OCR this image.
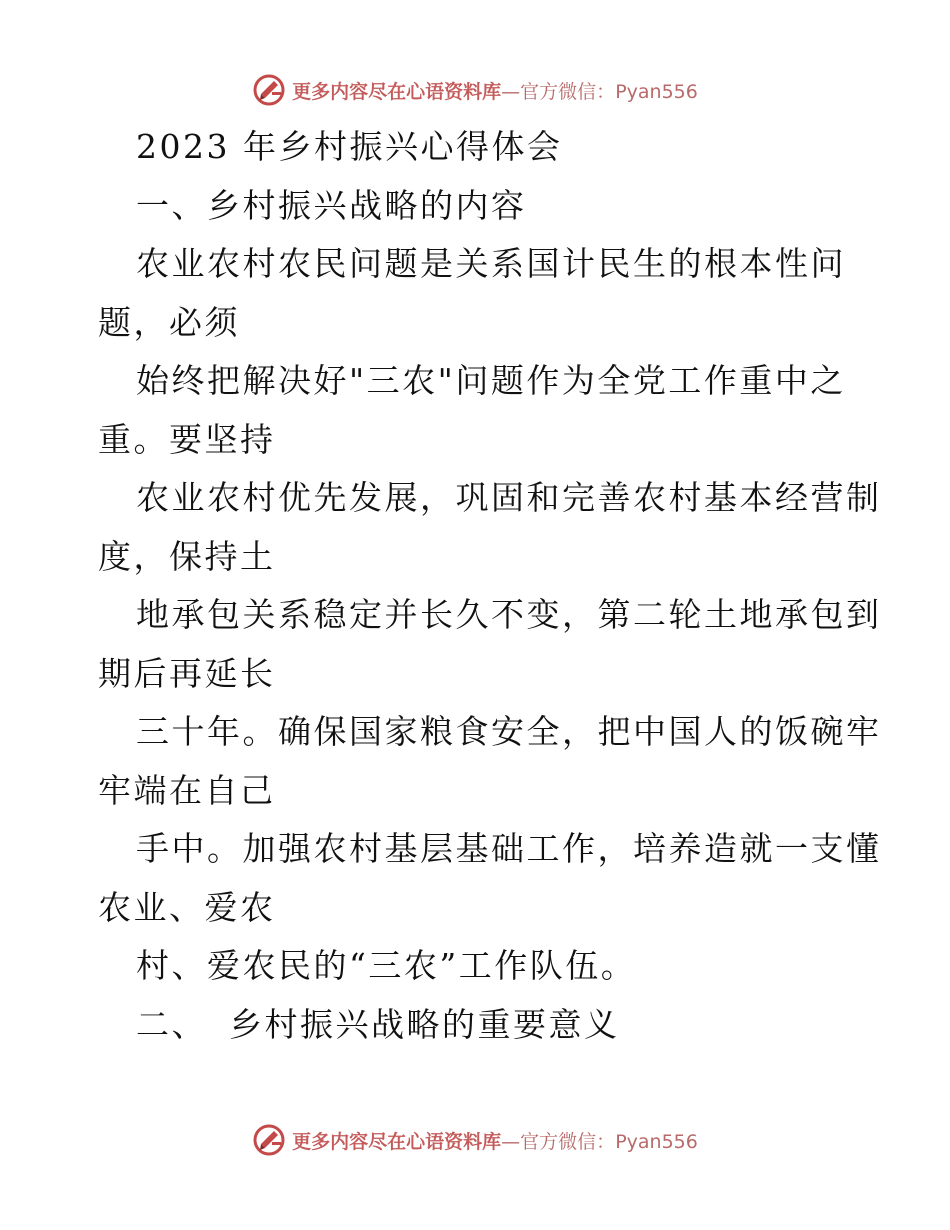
更多内容尽在心语资料库—官方微信：Pyan556
2023 年乡村振兴心得体会
一、乡村振兴战略的内容
农业农村农民问题是关系国计民生的根本性问
题，必须
始终把解决好"三农"问题作为全党工作重中之
重。要坚持
农业农村优先发展，巩固和完善农村基本经营制
度，保持土
地承包关系稳定并长久不变，第二轮土地承包到
期后再延长
三十年。确保国家粮食安全，把中国人的饭碗牢
牢端在自己
手中。加强农村基层基础工作，培养造就一支懂
农业、爱农
村、爱农民的“三农”工作队伍。
二、 乡村振兴战略的重要意义
更多内容尽在心语资料库—官方微信：Pyan556
